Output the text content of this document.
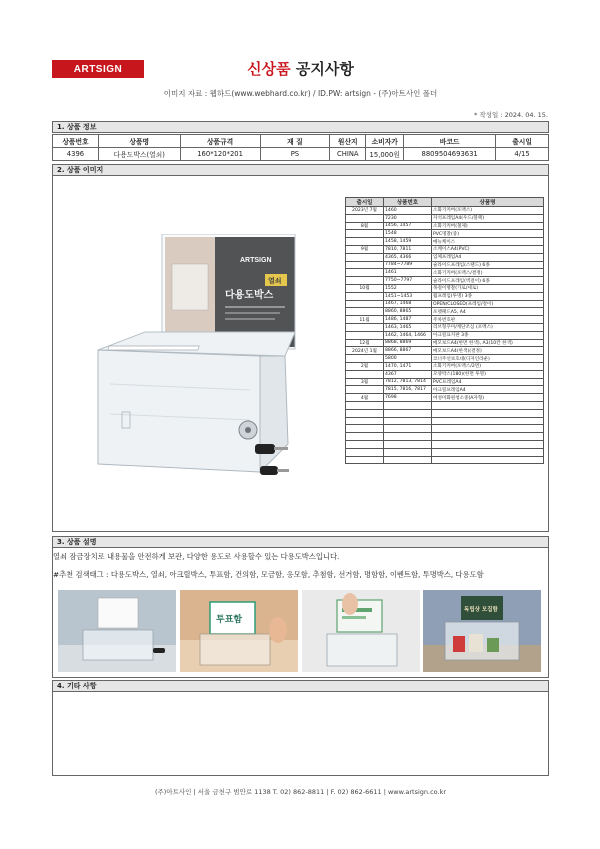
ARTSIGN	신상품 공지사항
이미지 자료 : 웹하드(www.webhard.co.kr) / ID.PW: artsign - (주)아트사인 폴더
* 작성일 : 2024. 04. 15.
1. 상품 정보
상품번호	상품명	상품규격	재 질	원산지	소비자가	바코드	출시일
4396	다용도박스(열쇠)	160*120*201	PS	CHINA	15,000원	8809504693631	4/15
2. 상품 이미지
출시일	상품번호	상품명
2023년 7월	1460	소화기커버(포맥스)
	7230	자석프레임A4(우드/블랙)
8월	1456, 1457	소화기커버(철제)
	1548	PVC명찰(중)
	1458, 1459	메뉴케이스
9월	7810, 7811	소케이스A4(PVC)
	4365, 4366	입체프레임A4
	7784~7789	슬라이드프레임(스탠드) 6종
	1461	소화기커버(포맥스/결정)
	7750~7797	슬라이드프레임(벽걸이) 6종
10월	1552	목걸이명찰(가로/세로)
	1451~1453	월프레임(투명) 3종
	1467, 1468	OPEN/CLOSED(프레임/걸이)
	8860, 8865	포맷패드A5, A4
11월	1486, 1487	주차번호판
	1463, 1465	리브형꾸미/계단조심 (포맥스)
	1462, 1464, 1466	아크릴표지판 3종
12월	8868, 8869	메모보드A4(한면 한색), A3(10칸 한색)
2024년 1월	8866, 8867	메모보드A4(한색)(결정)
	5800	코너주선보호대(디자인라운)
2월	1470, 1471	소화기커버(포맥스/2면)
	4367	모양박스(180)(한면 투명)
3월	7812, 7813, 7814	PVC프레임A4
	7815, 7816, 7817	아크릴프레임A4
4월	7698	여성미화원청소중(A자형)

3. 상품 설명
열쇠 잠금장치로 내용물을 안전하게 보관, 다양한 용도로 사용할수 있는 다용도박스입니다.
#추천 검색태그 : 다용도박스, 열쇠, 아크릴박스, 투표함, 건의함, 모금함, 응모함, 추첨함, 선거함, 명함함, 이벤트함, 투명박스, 다용도함
투표함
독립상 모집함
4. 기타 사항
(주)아트사인 | 서울 금천구 범안로 1138 T. 02) 862-8811 | F. 02) 862-6611 | www.artsign.co.kr
